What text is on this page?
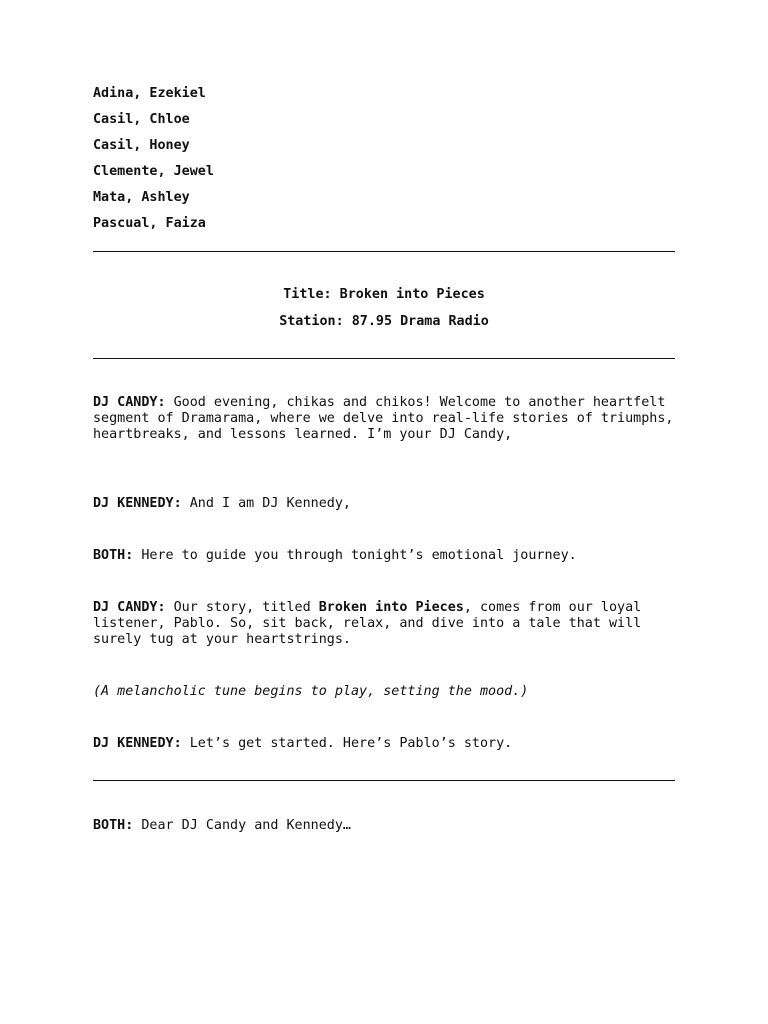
Adina, Ezekiel
Casil, Chloe
Casil, Honey
Clemente, Jewel
Mata, Ashley
Pascual, Faiza
Title: Broken into Pieces
Station: 87.95 Drama Radio
DJ CANDY: Good evening, chikas and chikos! Welcome to another heartfelt segment of Dramarama, where we delve into real-life stories of triumphs, heartbreaks, and lessons learned. I’m your DJ Candy,
DJ KENNEDY: And I am DJ Kennedy,
BOTH: Here to guide you through tonight’s emotional journey.
DJ CANDY: Our story, titled Broken into Pieces, comes from our loyal listener, Pablo. So, sit back, relax, and dive into a tale that will surely tug at your heartstrings.
(A melancholic tune begins to play, setting the mood.)
DJ KENNEDY: Let’s get started. Here’s Pablo’s story.
BOTH: Dear DJ Candy and Kennedy…
